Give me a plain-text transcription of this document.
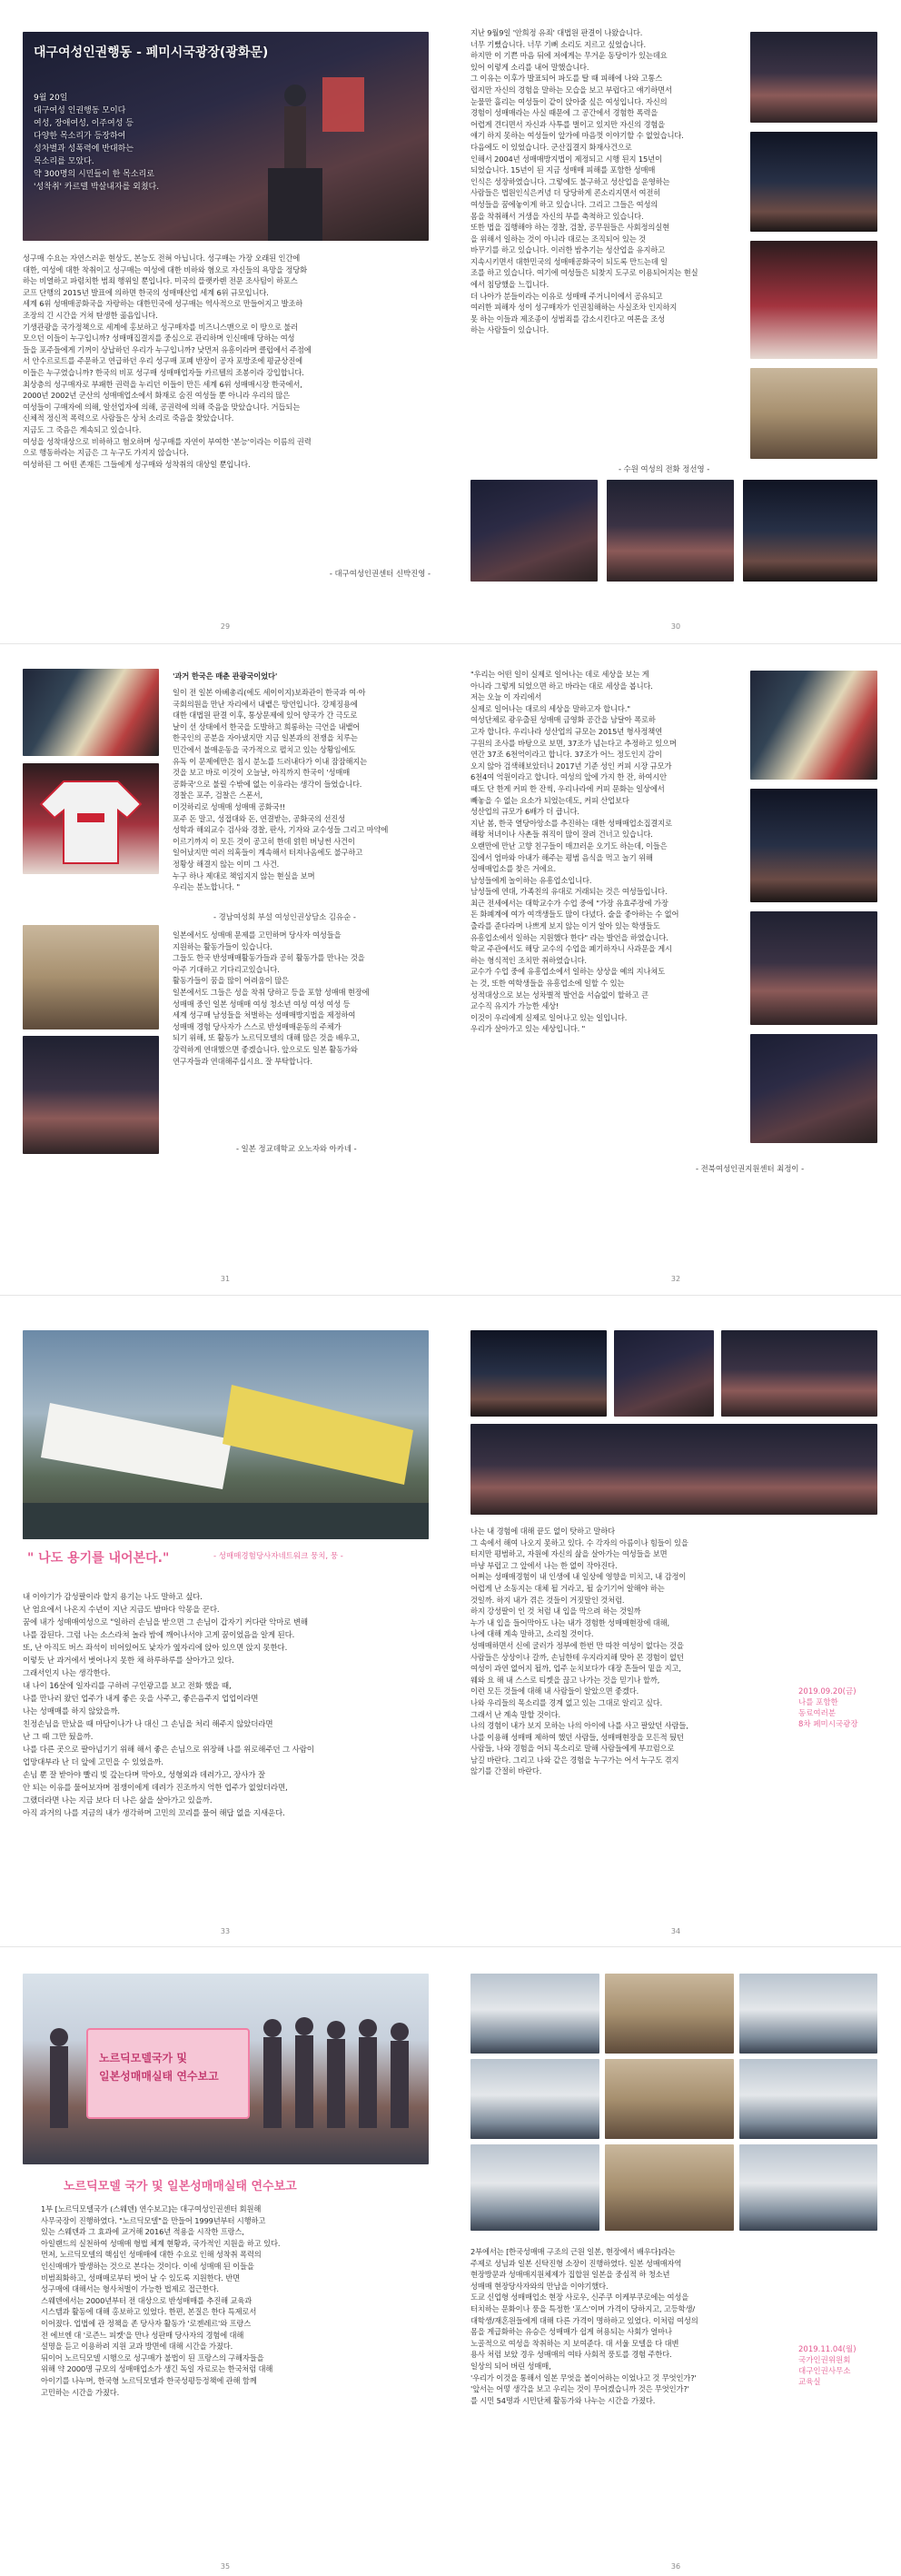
대구여성인권행동 - 페미시국광장(광화문)
9월 20일
대구여성 인권행동 모이다
여성, 장애여성, 이주여성 등
다양한 목소리가 등장하여
성차별과 성폭력에 반대하는
목소리를 모았다.
약 300명의 시민들이 한 목소리로
'성착취' 카르텔 박살내자를 외쳤다.
성구매 수요는 자연스러운 현상도, 본능도 전혀 아닙니다. 성구매는 가장 오래된 인간에
대한, 여성에 대한 착취이고 성구매는 여성에 대한 비하와 혐오로 자신들의 욕망을 정당화
하는 비열하고 파렴치한 범죄 행위일 뿐입니다. 미국의 플랫카렌 전문 조사팀이 하포스
코프 단행의 2015년 발표에 의하면 한국의 성매매산업 세계 6위 규모입니다.
세계 6위 성매매공화국을 자랑하는 대한민국에 성구매는 역사적으로 만들어지고 발조하
조장의 긴 시간을 거쳐 탄생한 곪음입니다.
기생관광을 국가정책으로 세계에 홍보하고 성구매자를 비즈니스맨으로 이 땅으로 불러
모으던 이들이 누구입니까? 성매매집결지를 중심으로 관리하며 인신매매 당하는 여성
들을 포주들에게 기꺼이 상납하던 우리가 누구입니까? 낮먼저 유흥이라며 클럽에서 주점에
서 안수르로트를 주문하고 연급하던 우리 성구매 포폐 반장이 공자 포방조에 평균상진에
이들은 누구였습니까? 한국의 비포 성구매 성매매업자들 카르텔의 조봉이라 강입합니다.
최상층의 성구매자로 부패한 권력을 누리던 이들이 만든 세계 6위 성매매시장 한국에서,
2000년 2002년 군산의 성매매업소에서 화재로 숨진 여성들 뿐 아니라 우리의 많은
여성들이 구매자에 의해, 알선업자에 의해, 공권력에 의해 죽음을 맞았습니다. 거듭되는
신체적 정신적 폭력으로 사람들은 상처 소리로 죽음을 찾았습니다.
지금도 그 죽음은 계속되고 있습니다.
여성을 성착대상으로 비하하고 혐오하며 성구매를 자연이 부여한 '본능'이라는 이름의 권력
으로 행동하라는 지금은 그 누구도 가지지 않습니다.
여성하된 그 어떤 존재든 그들에게 성구매와 성착취의 대상일 뿐입니다.
- 대구여성인권센터 신박진영 -
29
지난 9월9일 '안희정 유죄' 대법원 판결이 나왔습니다.
너무 기뻤습니다. 너무 기뻐 소리도 지르고 싶었습니다.
하지만 이 기쁜 마음 뒤에 저에게는 무거운 동당이가 있는데요
있어 이렇게 소리를 내어 말했습니다.
그 이유는 이후가 발표되어 파도를 탈 때 피해에 나와 고통스
럽지만 자신의 경험을 말하는 모습을 보고 부럽다고 얘기하면서
눈물만 흘리는 여성들이 같이 앉아줄 싶은 여성입니다. 자신의
경험이 성매매라는 사실 때문에 그 공간에서 경험한 폭력을
어렵게 견디면서 자신과 사투를 벌이고 있지만 자신의 경험을
얘기 하지 못하는 여성들이 앞가에 마음껏 이야기할 수 없었습니다.
다음에도 이 있었습니다. 군산집결지 화재사건으로
인해서 2004년 성매매방지법이 제정되고 시행 된지 15년이
되었습니다. 15년이 된 지금 성매매 피해를 포함한 성매매
인식은 성장하였습니다. 그렇에도 불구하고 성산업을 운영하는
사람들은 법원인식은커녕 더 당당하게 콘소리지면서 여전히
여성들을 꿈에놓이게 하고 있습니다. 그리고 그들은 여성의
몸을 착취해서 거생을 자신의 부를 축척하고 있습니다.
또한 법을 집행해야 하는 경찰, 검찰, 공무원들은 사회정의실현
을 위해서 일하는 것이 아니라 대로는 조직되어 있는 것
바꾸기를 하고 있습니다. 이러한 밤추기는 성산업을 유지하고
지속시키면서 대한민국의 성매매공화국이 되도록 만드는데 일
조를 하고 있습니다. 여기에 여성들은 되찾지 도구로 이용되어지는 현실
에서 침당했을 느낍니다.
더 나아가 분들이라는 이유로 성매매 주거니이에서 공유되고
여러한 피해자 성이 성구매자가 인권침해하는 사실조차 인지하지
못 하는 이들과 제조종이 성범죄를 감소시킨다고 여론을 조성
하는 사람들이 있습니다.
- 수원 여성의 전화 정선영 -
30
'과거 한국은 매춘 관광국이었다'
일이 전 일본 아베총리(에도 세이이지)보좌관이 한국과 여·아
국회의원을 만난 자리에서 내뱉은 망언입니다. 강제징용에
대한 대법원 판결 이후, 통상문제에 있어 양국가 간 극도로
날이 선 상태에서 한국을 도발하고 희롱하는 극언을 내뱉어
한국인의 공분을 자아냈지만 지금 일본과의 전쟁을 치루는
민간에서 불매운동을 국가적으로 펼치고 있는 상황임에도
유독 이 문제에만은 침시 분노를 드러내다가 이내 잠잠해지는
것을 보고 바로 이것이 오늘날, 아직까지 한국이 '성매매
공화국'으로 불릴 수밖에 없는 이유라는 생각이 들었습니다.
경찰은 포주, 검찰은 스폰서,
이것하리로 성매매 성매매 공화국!!
포주 돈 말고, 성접대와 돈, 연결받는, 공화국의 선진성
성학과 해외교수 검사와 경찰, 판사, 기자와 교수성들 그리고 마약에
이르기까지 이 모든 것이 공고히 한데 얽힌 버닝썬 사건이
일어났지만 여러 의혹들이 계속해서 터져나옴에도 불구하고
정황상 해결지 않는 이미 그 사건.
누구 하나 제대로 책임지지 않는 현실을 보며
우리는 분노합니다. "
- 경남여성회 부설 여성인권상담소 김유순 -
일본에서도 성매매 문제를 고민하며 당사자 여성들을
지원하는 활동가들이 있습니다.
그들도 한국 반성매매활동가들과 공히 활동가를 만나는 것을
아주 기대하고 기다리고있습니다.
활동가들이 꿈을 많이 어려움이 많은
일본에서도 그들은 성을 착취 당하고 등을 포함 성매매 현장에
성매매 중인 일본 성매매 여성 청소년 여성 여성 여성 등
세계 성구매 남성들을 처벌하는 성매매방지법을 제정하여
성매매 경험 당사자가 스스로 반성매매운동의 주체가
되기 위해, 또 활동가 노르딕모델의 대해 많은 것을 배우고,
강력하게 연대했으면 좋겠습니다. 앞으로도 일본 활동가와
연구자들과 연대해주십시요. 잘 부탁합니다.
- 일본 정교데학교 오노자와 아카네 -
31
"우리는 어떤 일이 실제로 일어나는 데로 세상을 보는 게
아니라 그렇게 되었으면 하고 바라는 대로 세상을 봅니다.
저는 오늘 이 자리에서
실제로 일어나는 대로의 세상을 말하고자 합니다."
여성단체로 광우출된 성매매 금영화 공간을 남달아 폭로하
고자 합니다. 우리나라 성산업의 규모는 2015년 형사정책연
구원의 조사를 바탕으로 보면, 37조가 넘는다고 추정하고 있으며
연간 37조 6천억이라고 합니다. 37조가 어느 정도인지 감이
오지 않아 검색해보았더니 2017년 기준 성인 커피 시장 규모가
6천4여 억원이라고 합니다. 여성의 앞에 가지 한 잔, 하여시안
때도 단 한게 커피 한 잔씩, 우리나라에 커피 문화는 일상에서
빼놓을 수 없는 요소가 되었는데도, 커피 산업보다
성산업의 규모가 6배가 더 큽니다.
지난 봄, 한국 열당아앙소를 추진하는 대한 성매매업소집결지로
해왕 처녀이나 사촌들 취직이 많이 잘려 건너고 있습니다.
오랜만에 만난 고향 친구들이 매끄러운 오기도 하는데, 이들은
집에서 엄마와 아내가 해주는 평범 음식을 먹고 놀기 위해
성매매업소를 찾은 거에요.
남성들에게 놀이하는 유흥업소입니다.
남성들에 연대, 가족친의 유대로 거래되는 것은 여성들입니다.
최근 전세에서는 대학교수가 수업 중에 "가장 유효주장에 가장
돈 화폐계에 여가 여객생들도 많이 다녔다. 술을 좋아하는 수 없어
출라를 준다라며 나쁘게 보지 않는 이거 알아 있는 학생들도
유흥업소에서 일하는 지원했다 한다" 라는 발언을 하였습니다.
학교 주관에서도 해당 교수의 수업을 폐기하자니 사과문을 게시
하는 형식적인 조치만 취하였습니다.
교수가 수업 중에 유흥업소에서 일하는 상상을 예의 지나쳐도
는 것, 또한 여학생들을 유흥업소에 일할 수 있는
성적대상으로 보는 성차별적 발언을 서슴없이 할하고 큰
교수직 유지가 가능한 세상!
이것이 우리에게 실제로 일어나고 있는 일입니다.
우리가 살아가고 있는 세상입니다. "
- 전북여성인권지원센터 최정이 -
32
" 나도 용기를 내어본다."	- 성매매경험당사자네트워크 뭉치, 뭉 -
내 이야기가 감성팔이라 할지 용기는 나도 말하고 싶다.
난 엄요에서 나온지 수년이 지난 지금도 밤마다 악몽을 꾼다.
꿈에 내가 성매매여성으로 "일하러 손님을 받으면 그 손님이 갑자기 커다란 악마로 변해
나를 잡된다. 그럼 나는 소스라쳐 놀라 밤에 깨어나서야 고게 꿈이었음을 알게 된다.
또, 난 아직도 버스 좌석이 비어있어도 낯자가 옆자리에 앉아 있으면 앉지 못한다.
이렇듯 난 과거에서 벗어나지 못한 채 하루하루를 살아가고 있다.
그래서인지 나는 생각한다.
내 나이 16살에 일자리를 구하려 구인광고를 보고 전화 했을 때,
나를 만나러 왔던 업주가 내게 좋은 옷을 사주고, 좋은음주지 업업이라면
나는 성매매를 하지 않았을까.
친정손님을 만났을 때 마담이나가 나 대신 그 손님을 처리 해주지 않았더라면
난 그 때 그만 뒀을까.
나를 다른 곳으로 팔아넘기기 위해 해서 좋은 손님으로 위장해 나를 위로해주던 그 사람이
업망대부라 난 더 앞에 고민을 수 있었을까.
손님 뿐 잘 받아야 빨리 빚 갚는다며 막아오, 성형외과 데려가고, 장사가 잘
안 되는 이유를 물어보자며 점쟁이에게 데려가 진조까지 억한 업주가 없었더라면,
그랬더라면 나는 지금 보다 더 나은 삶을 살아가고 있을까.
아직 과거의 나를 지금의 내가 생각하며 고민의 꼬리를 물어 해답 없을 지새운다.
33
나는 내 경험에 대해 끝도 없이 탓하고 말하다
그 속에서 해여 나오지 못하고 있다. 수 각자의 아름이나 힘들이 있을
터지만 평범하고, 자원에 자신의 삶을 살아가는 여성들을 보면
마냥 부럽고 그 앞에서 나는 한 없이 작아진다.
어쩌는 성매매경험이 내 인생에 내 일상에 영향을 미치고, 내 감정이
어렵게 난 소동지는 대체 될 거라고, 될 숨기기어 알해야 하는
것일까. 하지 내가 겪은 것들이 거짓말인 것처럼.
하지 강성팔이 인 것 처럼 내 입을 막으려 하는 것일까
누가 내 입을 들어막아도 나는 내가 경험한 성매매현장에 대해,
나에 대해 계속 말하고, 소리칠 것이다.
성매매하면서 신에 굴러가 정부에 한번 만 따찬 여성이 없다는 것을
사람들은 상상이나 갈까, 손님한테 우지라지해 맞아 몬 경험이 없던
여성이 과연 없어지 될까, 업주 눈치보다가 대장 흔들어 밑을 지고,
웨와 요 해 내 스스로 티켓을 끊고 나가는 것을 믿기나 할까,
이런 모든 것들에 대해 내 사람들이 알았으면 좋겠다.
나와 우리들의 목소리를 경계 없고 있는 그대로 알리고 싶다.
그래서 난 계속 말할 것이다.
나의 경험이 내가 보지 모하는 나의 아이에 나를 사고 팔았던 사람들,
나를 이용해 성매매 제하여 했던 사람들, 성매매현장을 모든적 뒀던
사람들, 나와 경험을 어되 목소리로 말해 사람들에게 부끄럼으로
남길 바란다. 그리고 나와 같은 경험을 누구가는 어서 누구도 겪지
않기를 간절히 바란다.
2019.09.20(금)
나를 포함한
동료여러분
8차 페미시국광장
34
노르딕모델국가 및
일본성매매실태 연수보고
노르딕모델 국가 및 일본성매매실태 연수보고
1부 [노르딕모델국가 (스웨덴) 연수보고]는 대구여성인권센터 회원해
사무국장이 진행하였다. "노르딕모델"을 만들어 1999년부터 시행하고
있는 스웨덴과 그 효과에 교거해 2016년 적용을 시작한 프랑스,
아일랜드의 실천하여 성매매 형법 체계 현황과, 국가적인 지원을 하고 있다.
먼저, 노르딕모델의 핵심인 성매매에 대한 수요로 인해 성착취 폭력의
인신매매가 발생하는 것으로 본다는 것이다. 이에 성매매 된 이들을
비범죄화하고, 성매매로부터 벗어 날 수 있도록 지원한다. 반면
성구매에 대해서는 형사처벌이 가능한 법제로 접근한다.
스웨덴에서는 2000년부터 전 대상으로 반성매매를 추진해 교육과
시스템과 활동에 대해 홍보하고 있었다. 한편, 본질은 한다 특제로서
이어졌다. 업법에 관 정책을 존 당사자 활동가 '로젠레르'와 프랑스
전 에브엔 대 '로즌느 피켓'을 만나 성판매 당사자의 경험에 대해
설명을 듣고 이용하려 지원 교과 방면에 대해 시간을 가졌다.
뒤이어 노르딕모델 시행으로 성구매가 불법이 된 프랑스의 구해자들을
위해 약 2000명 규모의 성매매업소가 생긴 독일 자료로는 한국처럼 대해
아이기를 나누며, 한국형 노르딕모델과 한국성평등정책에 관해 함께
고민하는 시간을 가졌다.
35
2부에서는 [한국성매매 구조의 근원 일본, 현장에서 배우다]라는
주제로 성님과 일본 신탁진형 소장이 진행하였다. 일본 성매매자역
현장방문과 성매매지원체제가 집합원 일본을 중심적 하 청소년
성매매 현장당사자와의 만남을 이야기했다.
도쿄 신업형 성매매업소 현장 사로우, 신주쿠 이케부쿠로에는 여성을
터치하는 문화이나 풍을 특정한 '포스'이며 가격이 당하지고, 고등학생/
대학생/재혼원들에게 대해 다른 가격이 명하하고 있었다. 이처럼 여성의
몸을 게급화하는 유승은 성매매가 쉽게 허용되는 사회가 얼마나
노골적으로 여성을 착취하는 지 보여준다. 대 서울 모델을 다 대변
용사 처럼 보았 경우 성매매의 여타 사회적 풍토를 경험 주한다.
일상의 되어 버린 성매매,
'우리가 이것을 통해서 일본 무엇을 볼이어하는 이었나고 것 무엇인가?'
'앞서는 어떻 생각을 보고 우리는 것이 무어겠습니까 것은 무엇인가?'
를 시민 54명과 시민단체 활동가와 나누는 시간을 가졌다.
2019.11.04(월)
국가인권위원회
대구인권사무소
교육실
36
